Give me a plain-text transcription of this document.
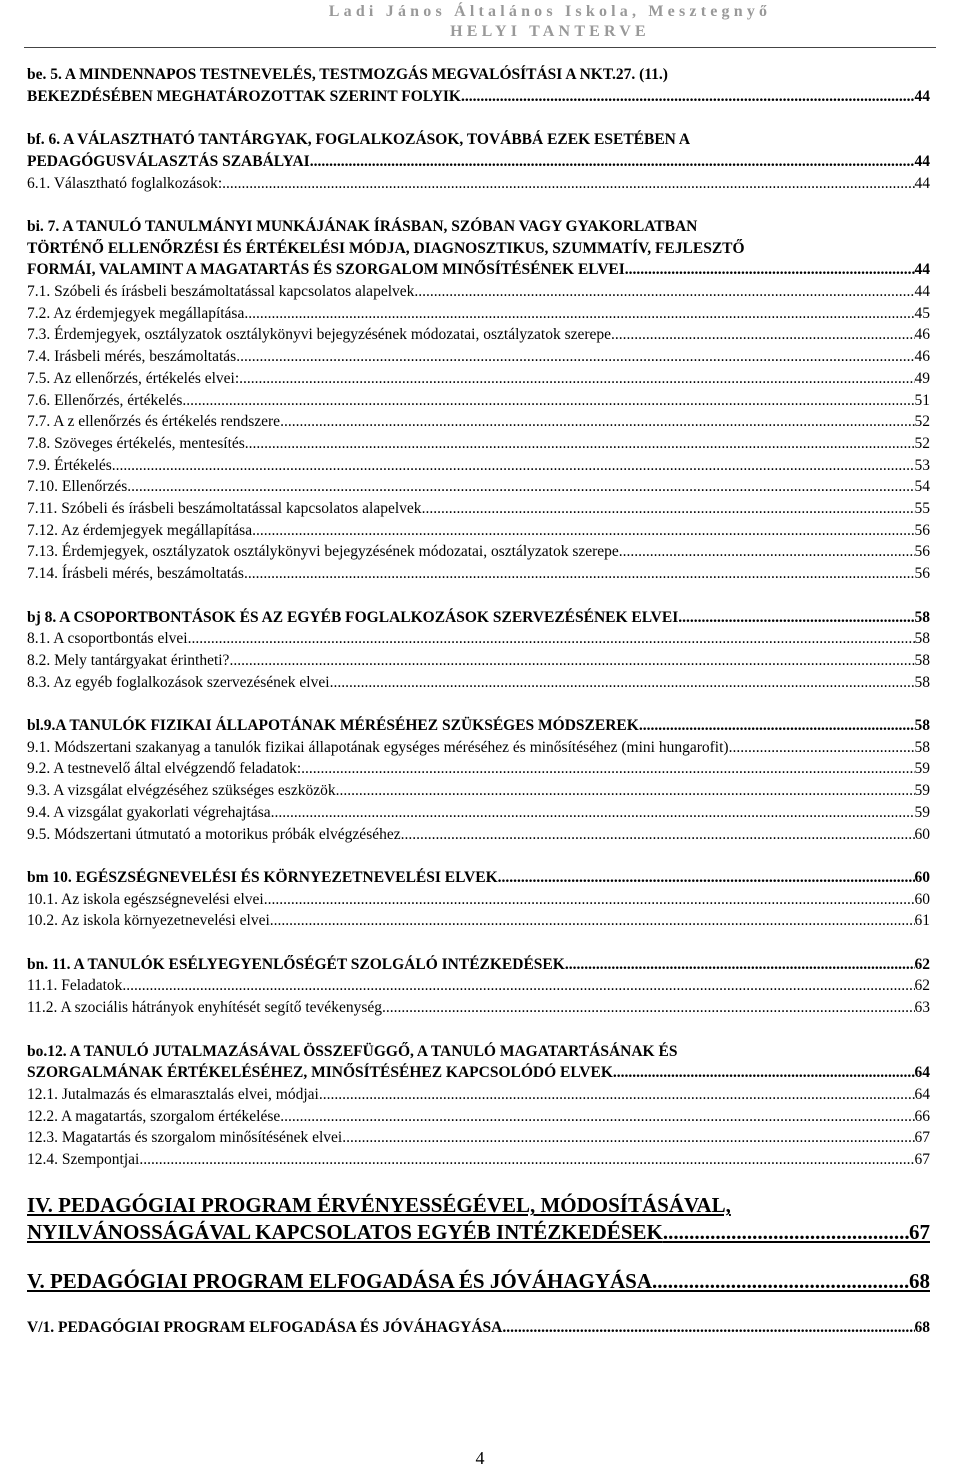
Ladi János Általános Iskola, Mesztegnyő
HELYI TANTERVE
be. 5. A MINDENNAPOS TESTNEVELÉS, TESTMOZGÁS MEGVALÓSÍTÁSI A NKT.27. (11.)
BEKEZDÉSÉBEN MEGHATÁROZOTTAK SZERINT FOLYIK .....	44
bf. 6. A VÁLASZTHATÓ TANTÁRGYAK, FOGLALKOZÁSOK, TOVÁBBÁ EZEK ESETÉBEN A
PEDAGÓGUSVÁLASZTÁS SZABÁLYAI .....	44
6.1. Választható foglalkozások: .....	44
bi. 7. A TANULÓ TANULMÁNYI MUNKÁJÁNAK ÍRÁSBAN, SZÓBAN VAGY GYAKORLATBAN
TÖRTÉNŐ ELLENŐRZÉSI ÉS ÉRTÉKELÉSI MÓDJA, DIAGNOSZTIKUS, SZUMMATÍV, FEJLESZTŐ
FORMÁI, VALAMINT A MAGATARTÁS ÉS SZORGALOM MINŐSÍTÉSÉNEK ELVEI .....	44
7.1. Szóbeli és írásbeli beszámoltatással kapcsolatos alapelvek .....	44
7.2. Az érdemjegyek megállapítása .....	45
7.3. Érdemjegyek, osztályzatok osztálykönyvi bejegyzésének módozatai, osztályzatok szerepe .....	46
7.4. Irásbeli mérés, beszámoltatás .....	46
7.5. Az ellenőrzés, értékelés elvei: .....	49
7.6. Ellenőrzés, értékelés .....	51
7.7. A z ellenőrzés és értékelés rendszere .....	52
7.8. Szöveges értékelés, mentesítés .....	52
7.9. Értékelés .....	53
7.10. Ellenőrzés .....	54
7.11. Szóbeli és írásbeli beszámoltatással kapcsolatos alapelvek .....	55
7.12. Az érdemjegyek megállapítása .....	56
7.13. Érdemjegyek, osztályzatok osztálykönyvi bejegyzésének módozatai, osztályzatok szerepe .....	56
7.14. Írásbeli mérés, beszámoltatás .....	56
bj 8. A CSOPORTBONTÁSOK ÉS AZ EGYÉB FOGLALKOZÁSOK SZERVEZÉSÉNEK ELVEI .....	58
8.1. A csoportbontás elvei .....	58
8.2. Mely tantárgyakat érintheti? .....	58
8.3. Az egyéb foglalkozások szervezésének elvei .....	58
bl.9.A TANULÓK FIZIKAI ÁLLAPOTÁNAK MÉRÉSÉHEZ SZÜKSÉGES MÓDSZEREK .....	58
9.1. Módszertani szakanyag a tanulók fizikai állapotának egységes méréséhez és minősítéséhez (mini hungarofit) .....	58
9.2. A testnevelő által elvégzendő feladatok: .....	59
9.3. A vizsgálat elvégzéséhez szükséges eszközök .....	59
9.4. A vizsgálat gyakorlati végrehajtása .....	59
9.5. Módszertani útmutató a motorikus próbák elvégzéséhez .....	60
bm 10. EGÉSZSÉGNEVELÉSI ÉS KÖRNYEZETNEVELÉSI ELVEK .....	60
10.1. Az iskola egészségnevelési elvei .....	60
10.2. Az iskola környezetnevelési elvei .....	61
bn. 11. A TANULÓK ESÉLYEGYENLŐSÉGÉT SZOLGÁLÓ INTÉZKEDÉSEK .....	62
11.1. Feladatok .....	62
11.2. A szociális hátrányok enyhítését segítő tevékenység .....	63
bo.12. A TANULÓ JUTALMAZÁSÁVAL ÖSSZEFÜGGŐ, A TANULÓ MAGATARTÁSÁNAK ÉS
SZORGALMÁNAK ÉRTÉKELÉSÉHEZ, MINŐSÍTÉSÉHEZ KAPCSOLÓDÓ ELVEK .....	64
12.1. Jutalmazás és elmarasztalás elvei, módjai .....	64
12.2. A magatartás, szorgalom értékelése .....	66
12.3. Magatartás és szorgalom minősítésének elvei .....	67
12.4. Szempontjai .....	67
IV. PEDAGÓGIAI PROGRAM ÉRVÉNYESSÉGÉVEL, MÓDOSÍTÁSÁVAL,
NYILVÁNOSSÁGÁVAL KAPCSOLATOS EGYÉB INTÉZKEDÉSEK .....	67
V. PEDAGÓGIAI PROGRAM ELFOGADÁSA ÉS JÓVÁHAGYÁSA .....	68
V/1. PEDAGÓGIAI PROGRAM ELFOGADÁSA ÉS JÓVÁHAGYÁSA .....	68
4
